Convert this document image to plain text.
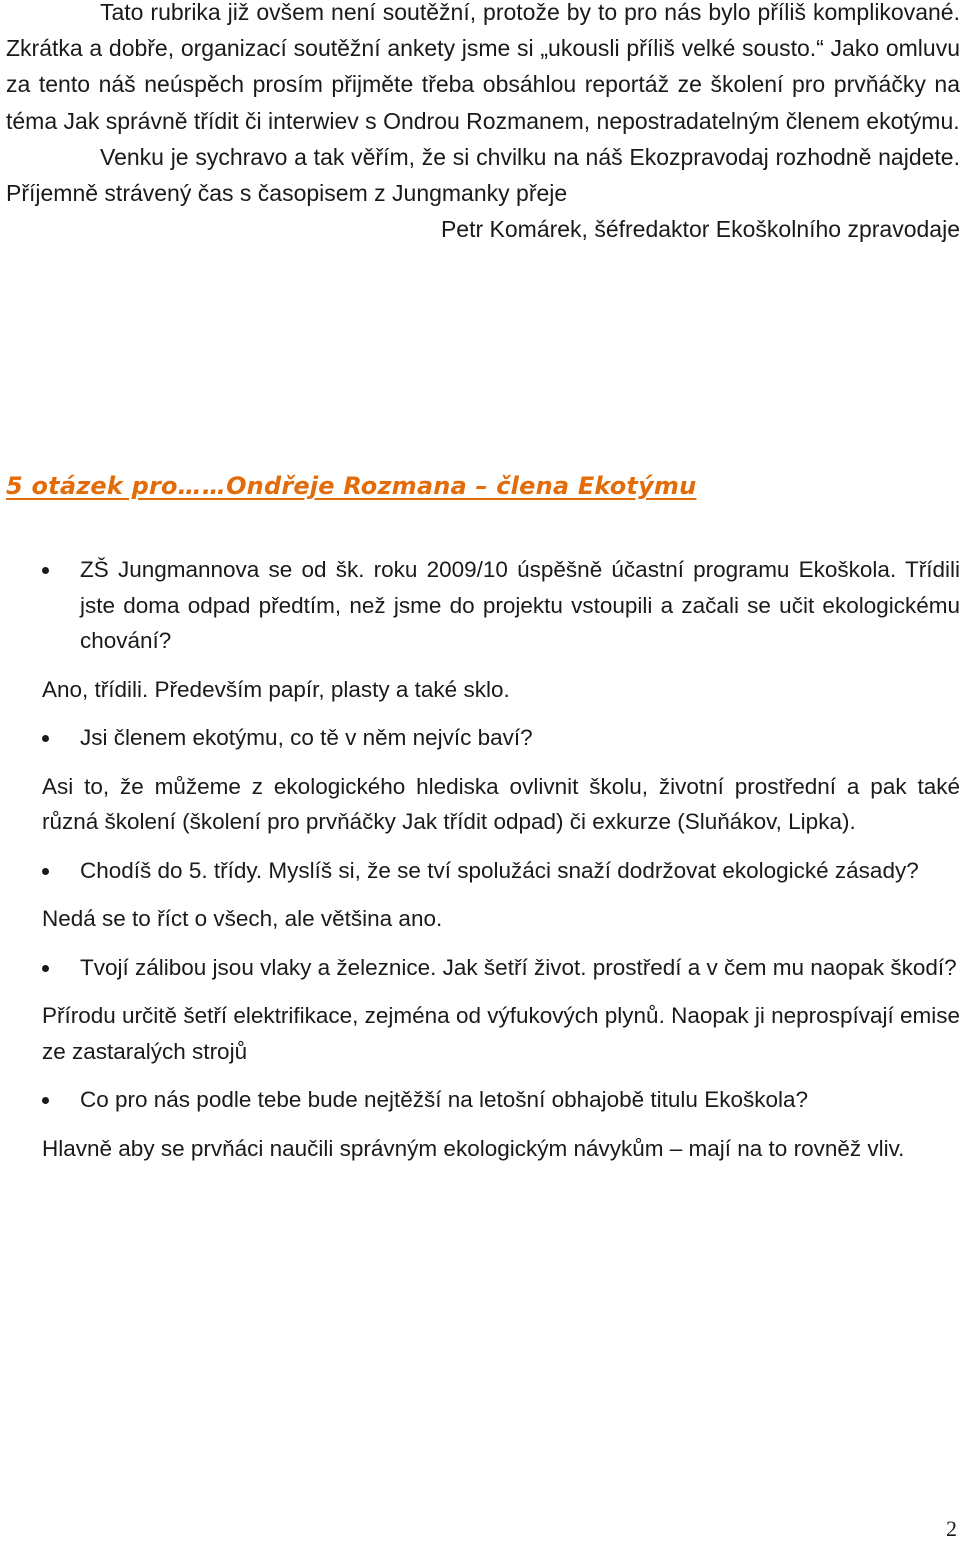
Tato rubrika již ovšem není soutěžní, protože by to pro nás bylo příliš komplikované. Zkrátka a dobře, organizací soutěžní ankety jsme si „ukousli příliš velké sousto.“ Jako omluvu za tento náš neúspěch prosím přijměte třeba obsáhlou reportáž ze školení pro prvňáčky na téma Jak správně třídit či interwiev s Ondrou Rozmanem, nepostradatelným členem ekotýmu.

Venku je sychravo a tak věřím, že si chvilku na náš Ekozpravodaj rozhodně najdete. Příjemně strávený čas s časopisem z Jungmanky přeje

Petr Komárek, šéfredaktor Ekoškolního zpravodaje

5 otázek pro……Ondřeje Rozmana – člena Ekotýmu

ZŠ Jungmannova se od šk. roku 2009/10 úspěšně účastní programu Ekoškola. Třídili jste doma odpad předtím, než jsme do projektu vstoupili a začali se učit ekologickému chování?

Ano, třídili. Především papír, plasty a také sklo.

Jsi členem ekotýmu, co tě v něm nejvíc baví?

Asi to, že můžeme z ekologického hlediska ovlivnit školu, životní prostřední a pak také různá školení (školení pro prvňáčky Jak třídit odpad) či exkurze (Sluňákov, Lipka).

Chodíš do 5. třídy. Myslíš si, že se tví spolužáci snaží dodržovat ekologické zásady?

Nedá se to říct o všech, ale většina ano.

Tvojí zálibou jsou vlaky a železnice. Jak šetří život. prostředí a v čem mu naopak škodí?

Přírodu určitě šetří elektrifikace, zejména od výfukových plynů. Naopak ji neprospívají emise ze zastaralých strojů

Co pro nás podle tebe bude nejtěžší na letošní obhajobě titulu Ekoškola?

Hlavně aby se prvňáci naučili správným ekologickým návykům – mají na to rovněž vliv.

2
